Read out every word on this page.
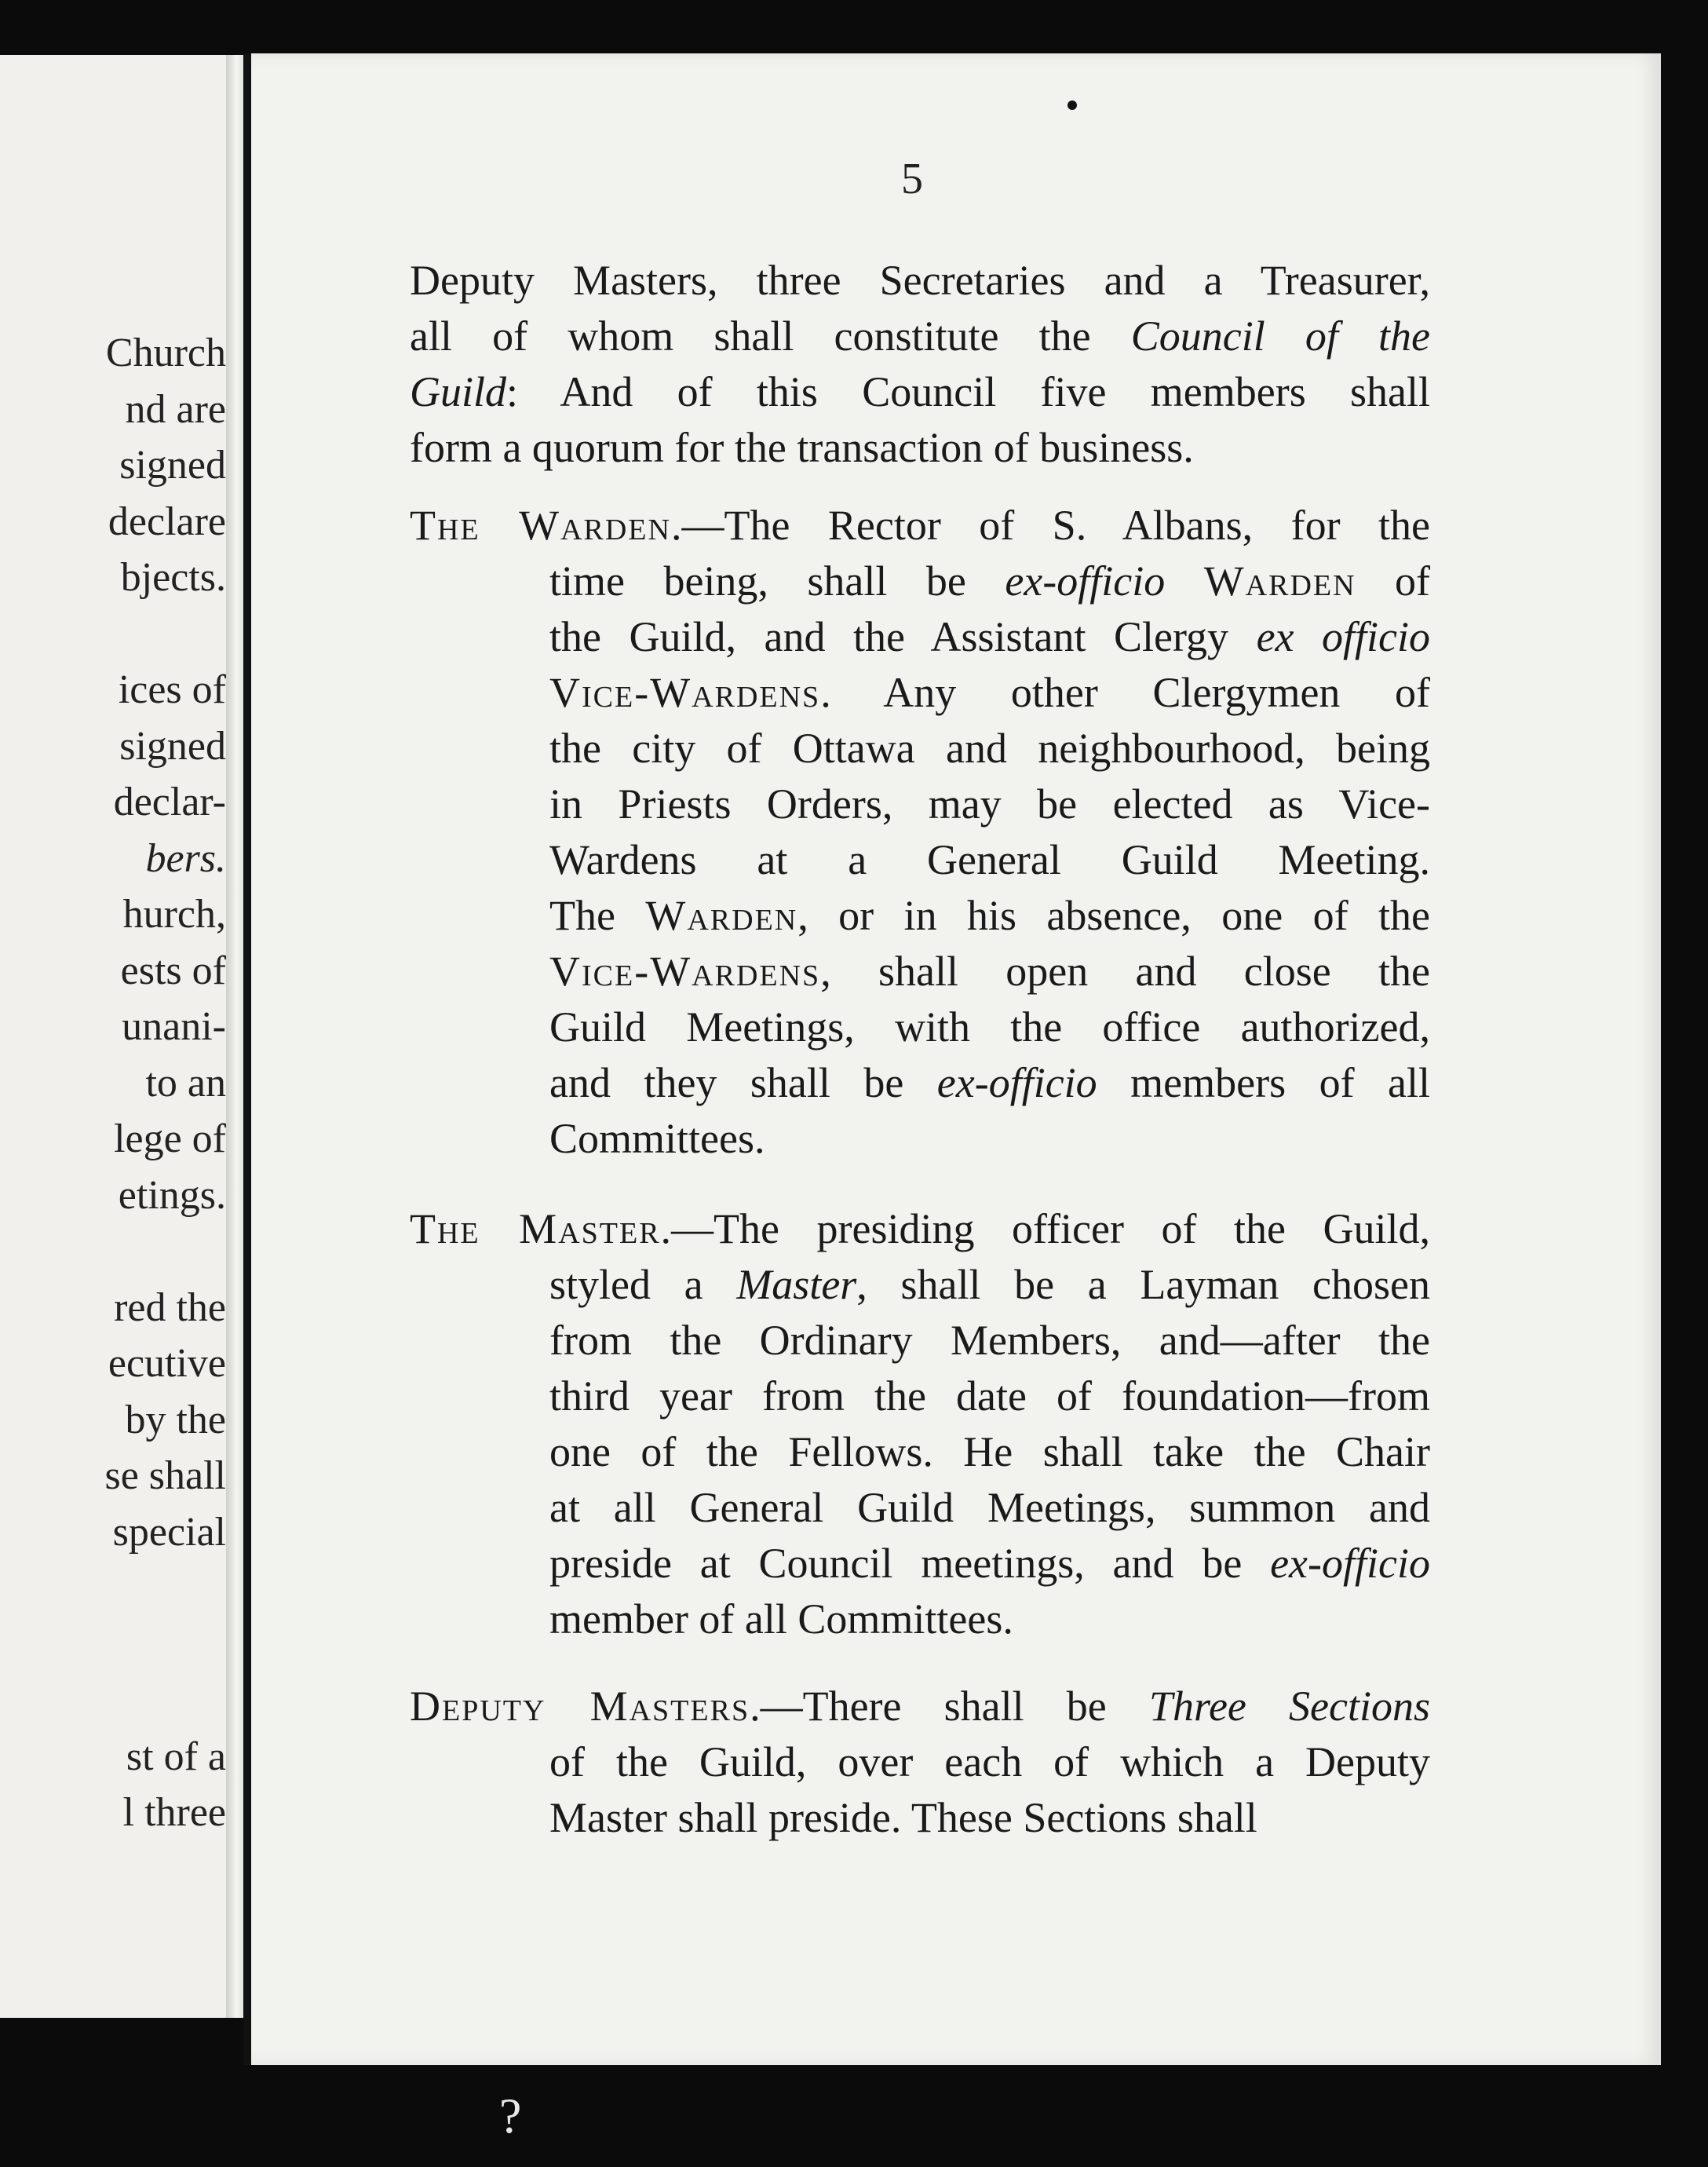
Church
nd are
signed
declare
bjects.
ices of
signed
declar-
bers.
hurch,
ests of
unani-
to an
lege of
etings.
red the
ecutive
by the
se shall
special
st of a
l three
5
Deputy Masters, three Secretaries and a Treasurer,
all of whom shall constitute the Council of the
Guild: And of this Council five members shall
form a quorum for the transaction of business.
The Warden.—The Rector of S. Albans, for the
time being, shall be ex-officio Warden of
the Guild, and the Assistant Clergy ex officio
Vice-Wardens. Any other Clergymen of
the city of Ottawa and neighbourhood, being
in Priests Orders, may be elected as Vice-
Wardens at a General Guild Meeting.
The Warden, or in his absence, one of the
Vice-Wardens, shall open and close the
Guild Meetings, with the office authorized,
and they shall be ex-officio members of all
Committees.
The Master.—The presiding officer of the Guild,
styled a Master, shall be a Layman chosen
from the Ordinary Members, and—after the
third year from the date of foundation—from
one of the Fellows. He shall take the Chair
at all General Guild Meetings, summon and
preside at Council meetings, and be ex-officio
member of all Committees.
Deputy Masters.—There shall be Three Sections
of the Guild, over each of which a Deputy
Master shall preside. These Sections shall
?
